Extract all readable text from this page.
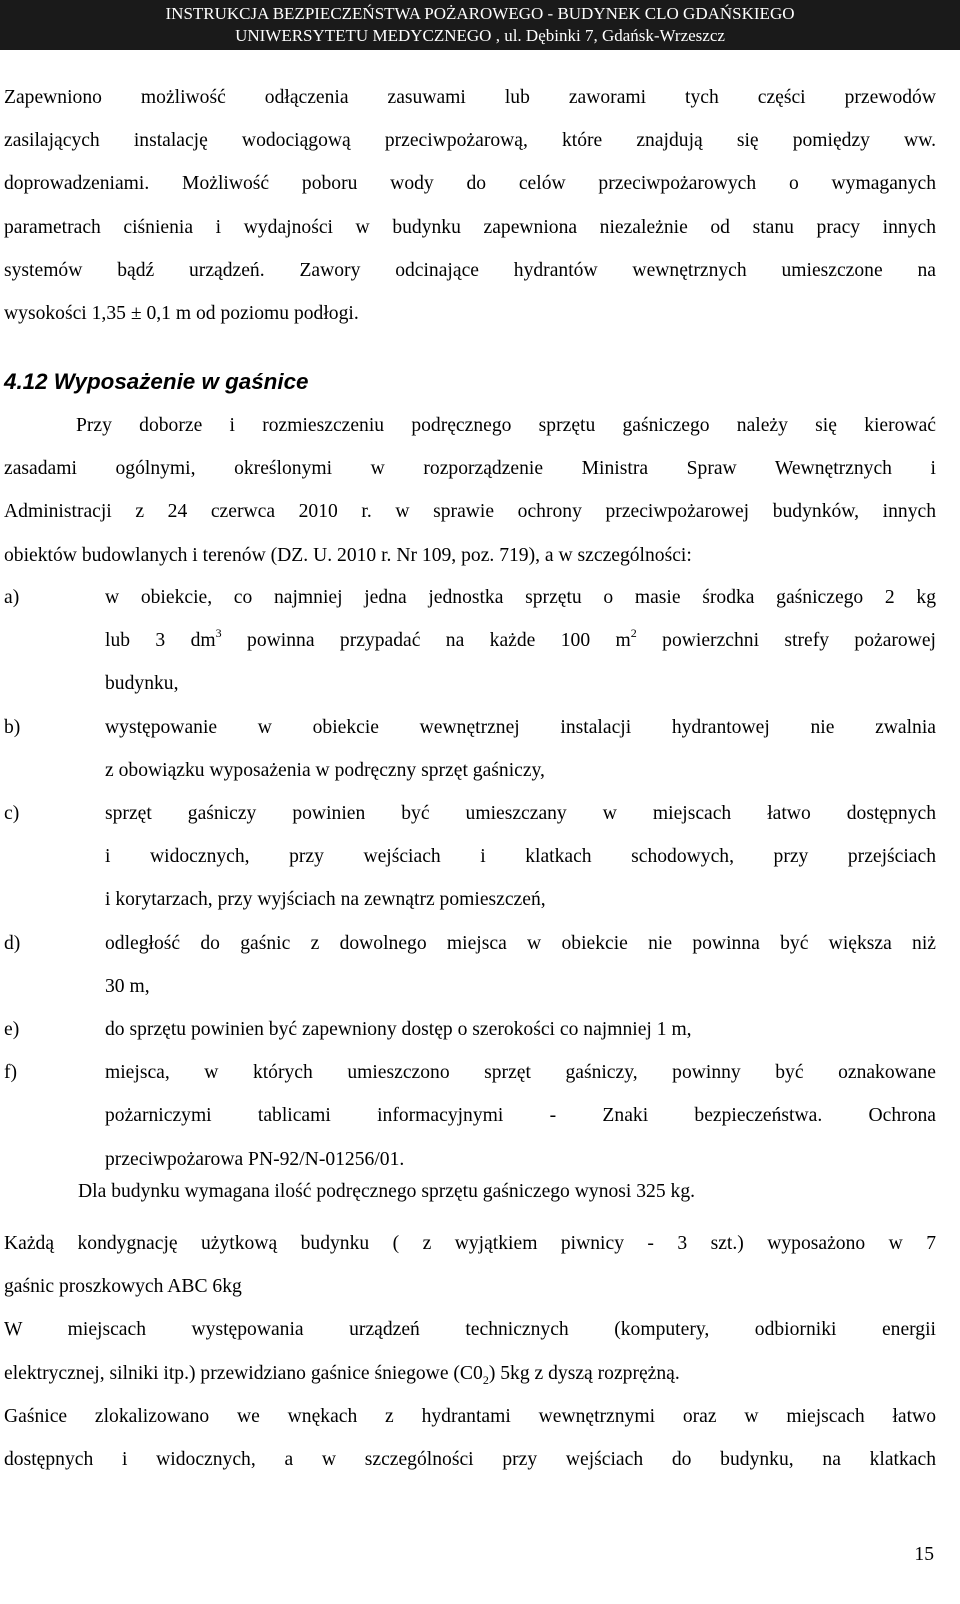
INSTRUKCJA BEZPIECZEŃSTWA POŻAROWEGO - BUDYNEK CLO GDAŃSKIEGO
UNIWERSYTETU MEDYCZNEGO , ul. Dębinki 7, Gdańsk-Wrzeszcz
Zapewniono możliwość odłączenia zasuwami lub zaworami tych części przewodów
zasilających instalację wodociągową przeciwpożarową, które znajdują się pomiędzy ww.
doprowadzeniami. Możliwość poboru wody do celów przeciwpożarowych o wymaganych
parametrach ciśnienia i wydajności w budynku zapewniona niezależnie od stanu pracy innych
systemów bądź urządzeń. Zawory odcinające hydrantów wewnętrznych umieszczone na
wysokości 1,35 ± 0,1 m od poziomu podłogi.
4.12 Wyposażenie w gaśnice
Przy doborze i rozmieszczeniu podręcznego sprzętu gaśniczego należy się kierować
zasadami ogólnymi, określonymi w rozporządzenie Ministra Spraw Wewnętrznych i
Administracji z 24 czerwca 2010 r. w sprawie ochrony przeciwpożarowej budynków, innych
obiektów budowlanych i terenów (DZ. U. 2010 r. Nr 109, poz. 719), a w szczególności:
a)	w obiekcie, co najmniej jedna jednostka sprzętu o masie środka gaśniczego 2 kg
lub 3 $dm^3$ powinna przypadać na każde 100 $m^2$ powierzchni strefy pożarowej
budynku,
b)	występowanie w obiekcie wewnętrznej instalacji hydrantowej nie zwalnia
z obowiązku wyposażenia w podręczny sprzęt gaśniczy,
c)	sprzęt gaśniczy powinien być umieszczany w miejscach łatwo dostępnych
i widocznych, przy wejściach i klatkach schodowych, przy przejściach
i korytarzach, przy wyjściach na zewnątrz pomieszczeń,
d)	odległość do gaśnic z dowolnego miejsca w obiekcie nie powinna być większa niż
30 m,
e)	do sprzętu powinien być zapewniony dostęp o szerokości co najmniej 1 m,
f)	miejsca, w których umieszczono sprzęt gaśniczy, powinny być oznakowane
pożarniczymi tablicami informacyjnymi - Znaki bezpieczeństwa. Ochrona
przeciwpożarowa PN-92/N-01256/01.
Dla budynku wymagana ilość podręcznego sprzętu gaśniczego wynosi 325 kg.
Każdą kondygnację użytkową budynku ( z wyjątkiem piwnicy - 3 szt.) wyposażono w 7
gaśnic proszkowych ABC 6kg
W miejscach występowania urządzeń technicznych (komputery, odbiorniki energii
elektrycznej, silniki itp.) przewidziano gaśnice śniegowe $(C0_2)$ 5kg z dyszą rozprężną.
Gaśnice zlokalizowano we wnękach z hydrantami wewnętrznymi oraz w miejscach łatwo
dostępnych i widocznych, a w szczególności przy wejściach do budynku, na klatkach
15
